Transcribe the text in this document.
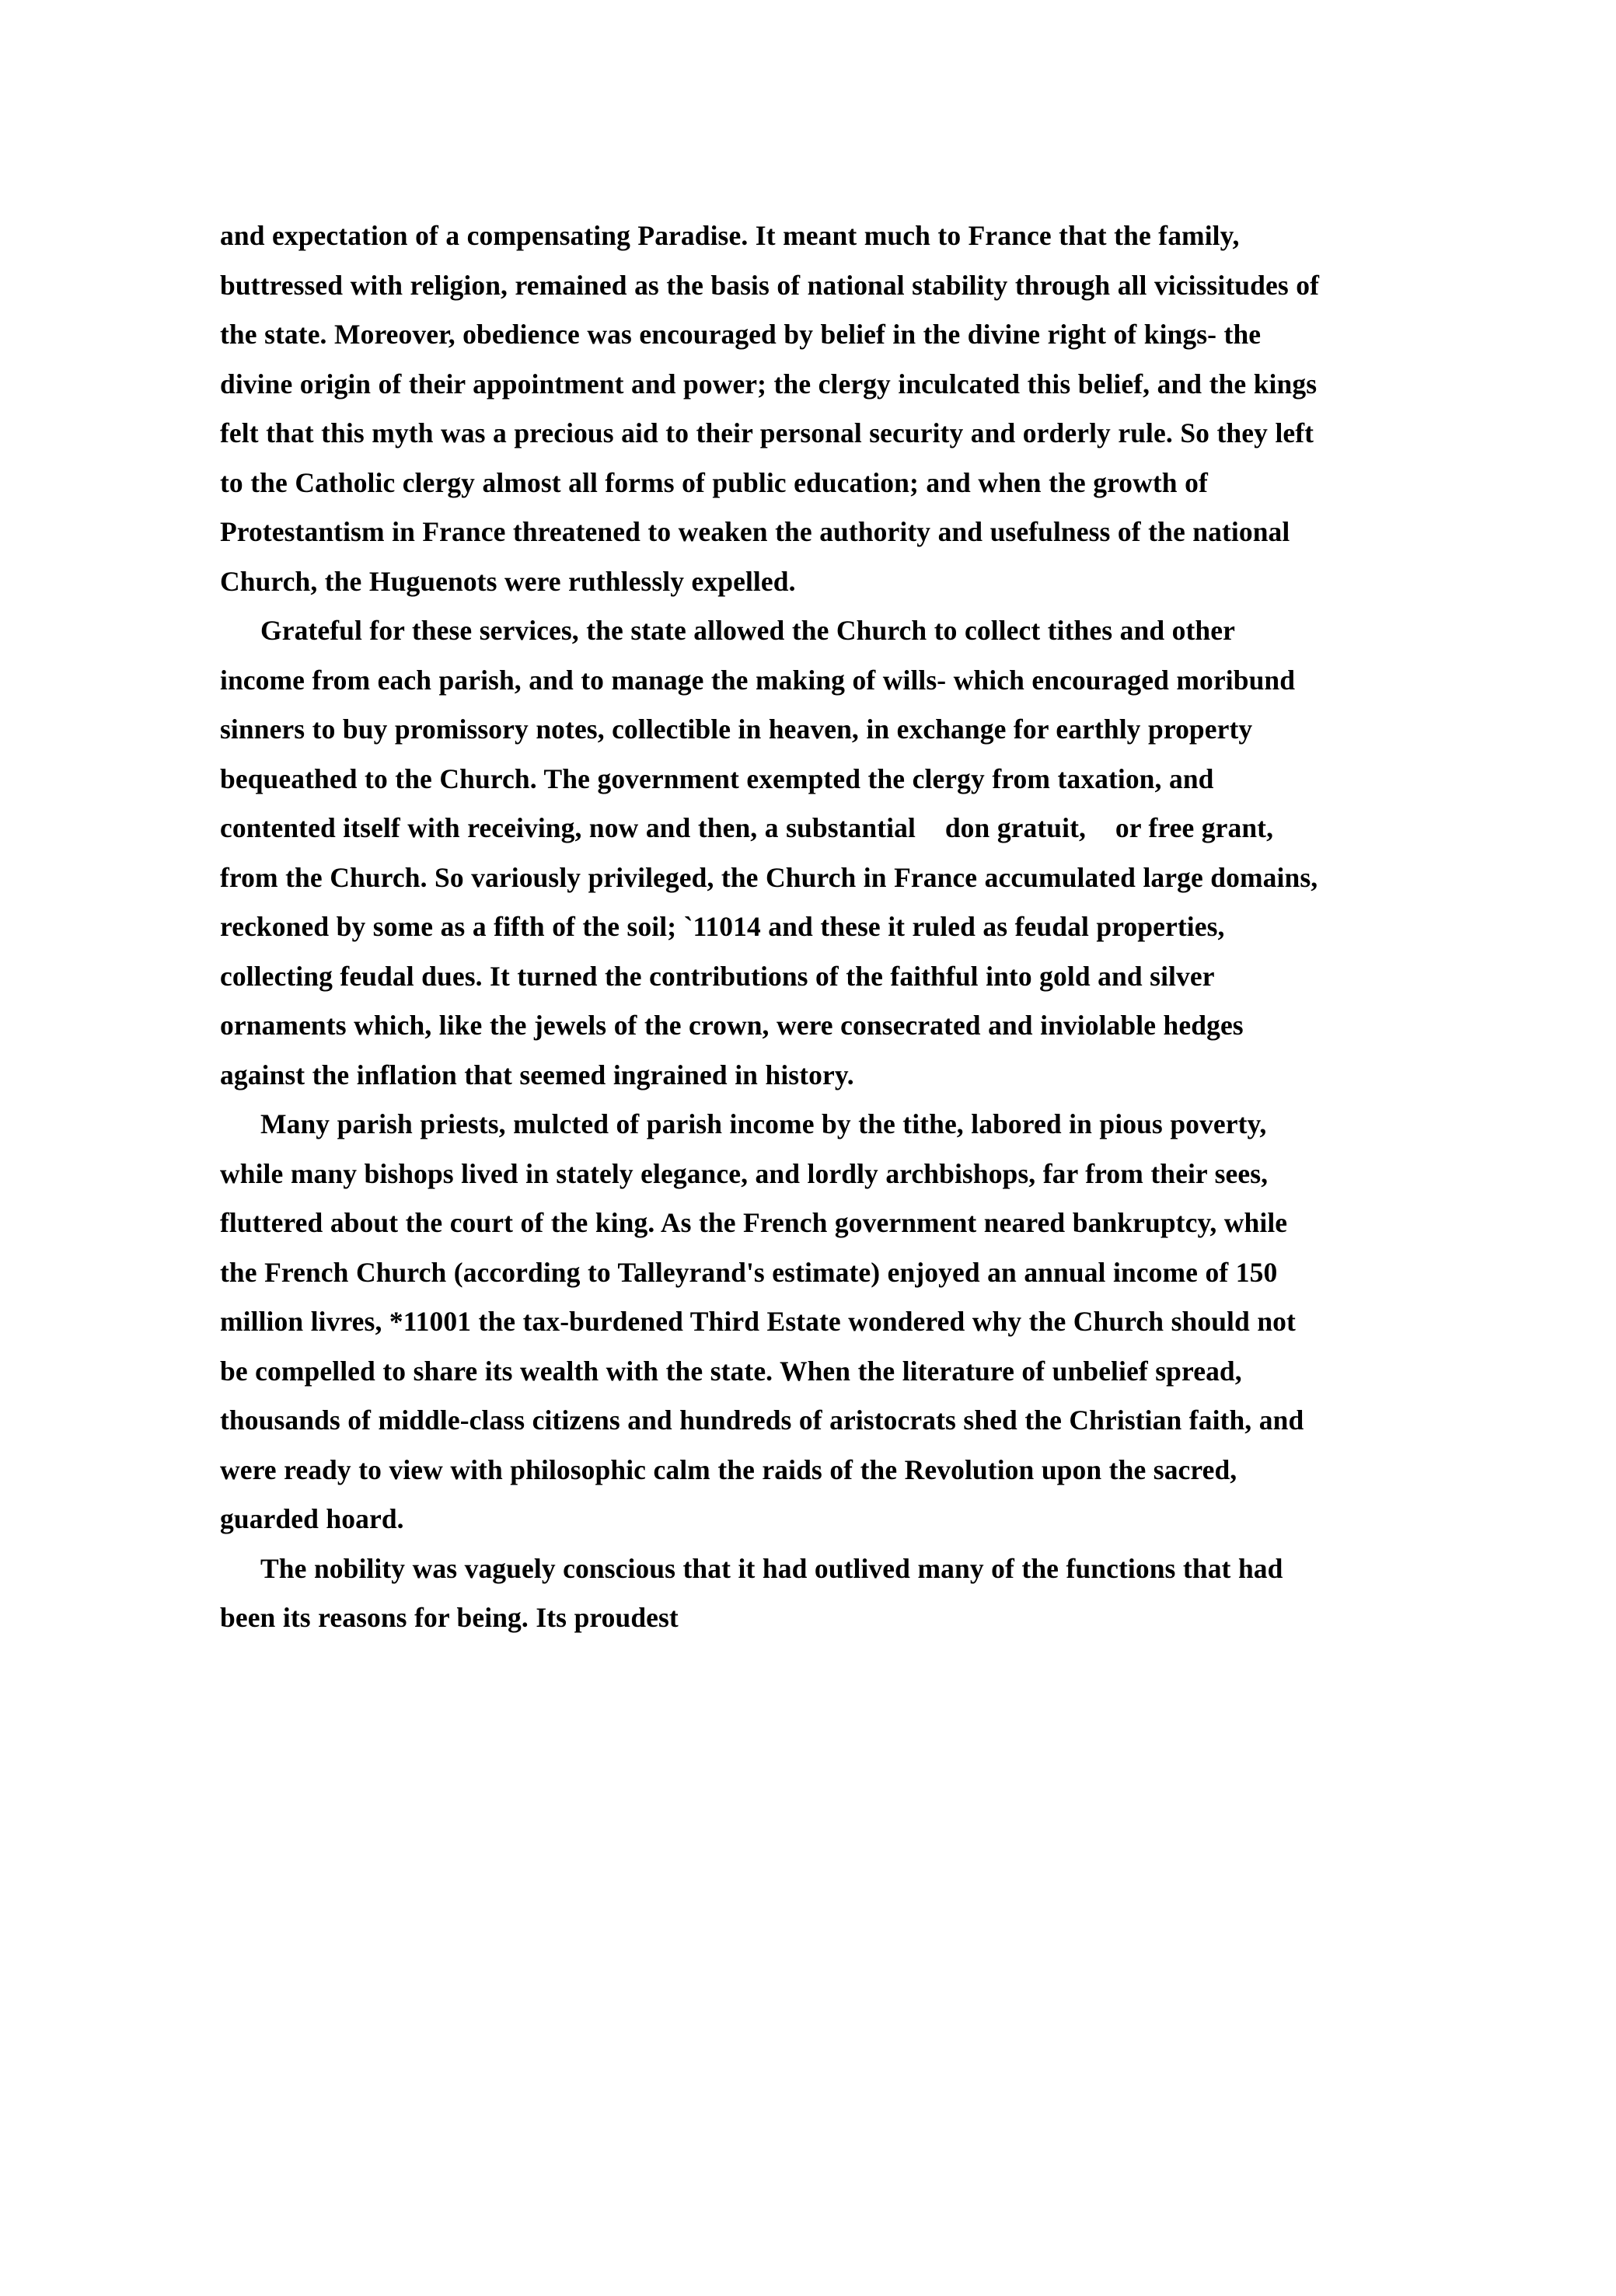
and expectation of a compensating Paradise. It meant much to France that the family, buttressed with religion, remained as the basis of national stability through all vicissitudes of the state. Moreover, obedience was encouraged by belief in the divine right of kings- the divine origin of their appointment and power; the clergy inculcated this belief, and the kings felt that this myth was a precious aid to their personal security and orderly rule. So they left to the Catholic clergy almost all forms of public education; and when the growth of Protestantism in France threatened to weaken the authority and usefulness of the national Church, the Huguenots were ruthlessly expelled.

Grateful for these services, the state allowed the Church to collect tithes and other income from each parish, and to manage the making of wills- which encouraged moribund sinners to buy promissory notes, collectible in heaven, in exchange for earthly property bequeathed to the Church. The government exempted the clergy from taxation, and contented itself with receiving, now and then, a substantial    don gratuit,    or free grant, from the Church. So variously privileged, the Church in France accumulated large domains, reckoned by some as a fifth of the soil; `11014 and these it ruled as feudal properties, collecting feudal dues. It turned the contributions of the faithful into gold and silver ornaments which, like the jewels of the crown, were consecrated and inviolable hedges against the inflation that seemed ingrained in history.

Many parish priests, mulcted of parish income by the tithe, labored in pious poverty, while many bishops lived in stately elegance, and lordly archbishops, far from their sees, fluttered about the court of the king. As the French government neared bankruptcy, while the French Church (according to Talleyrand's estimate) enjoyed an annual income of 150 million livres, *11001 the tax-burdened Third Estate wondered why the Church should not be compelled to share its wealth with the state. When the literature of unbelief spread, thousands of middle-class citizens and hundreds of aristocrats shed the Christian faith, and were ready to view with philosophic calm the raids of the Revolution upon the sacred, guarded hoard.

The nobility was vaguely conscious that it had outlived many of the functions that had been its reasons for being. Its proudest
